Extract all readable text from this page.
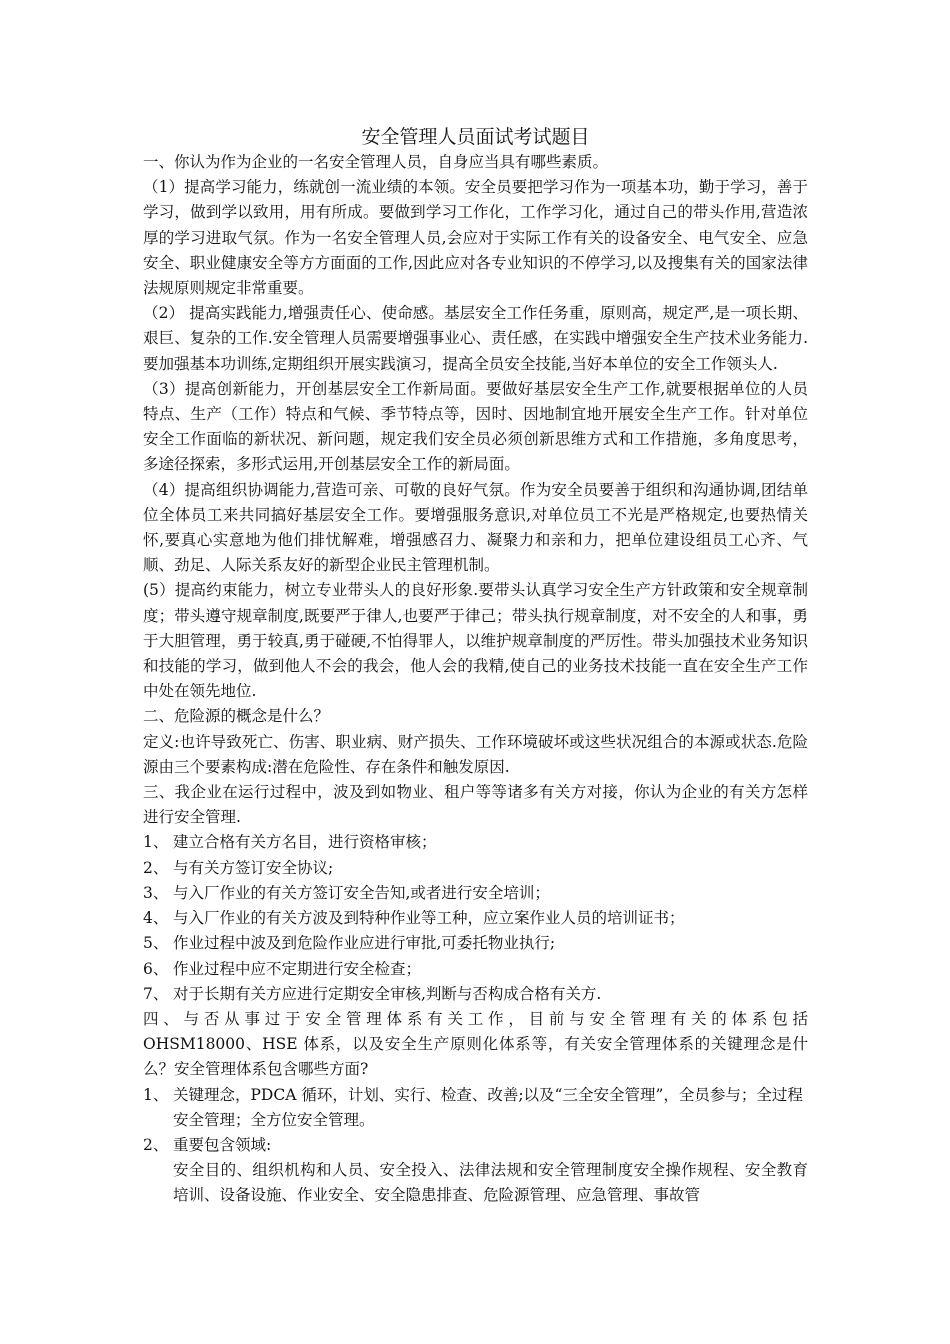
安全管理人员面试考试题目

一、你认为作为企业的一名安全管理人员，自身应当具有哪些素质。

（1）提高学习能力，练就创一流业绩的本领。安全员要把学习作为一项基本功，勤于学习，善于学习，做到学以致用，用有所成。要做到学习工作化，工作学习化，通过自己的带头作用,营造浓厚的学习进取气氛。作为一名安全管理人员,会应对于实际工作有关的设备安全、电气安全、应急安全、职业健康安全等方方面面的工作,因此应对各专业知识的不停学习,以及搜集有关的国家法律法规原则规定非常重要。

（2） 提高实践能力,增强责任心、使命感。基层安全工作任务重，原则高，规定严,是一项长期、艰巨、复杂的工作.安全管理人员需要增强事业心、责任感，在实践中增强安全生产技术业务能力.要加强基本功训练,定期组织开展实践演习，提高全员安全技能,当好本单位的安全工作领头人.

（3）提高创新能力，开创基层安全工作新局面。要做好基层安全生产工作,就要根据单位的人员特点、生产（工作）特点和气候、季节特点等，因时、因地制宜地开展安全生产工作。针对单位安全工作面临的新状况、新问题，规定我们安全员必须创新思维方式和工作措施，多角度思考，多途径探索，多形式运用,开创基层安全工作的新局面。

（4）提高组织协调能力,营造可亲、可敬的良好气氛。作为安全员要善于组织和沟通协调,团结单位全体员工来共同搞好基层安全工作。要增强服务意识,对单位员工不光是严格规定,也要热情关怀,要真心实意地为他们排忧解难，增强感召力、凝聚力和亲和力，把单位建设组员工心齐、气顺、劲足、人际关系友好的新型企业民主管理机制。

(5）提高约束能力，树立专业带头人的良好形象.要带头认真学习安全生产方针政策和安全规章制度；带头遵守规章制度,既要严于律人,也要严于律己；带头执行规章制度，对不安全的人和事，勇于大胆管理，勇于较真,勇于碰硬,不怕得罪人，以维护规章制度的严厉性。带头加强技术业务知识和技能的学习，做到他人不会的我会，他人会的我精,使自己的业务技术技能一直在安全生产工作中处在领先地位.

二、危险源的概念是什么？

定义:也许导致死亡、伤害、职业病、财产损失、工作环境破坏或这些状况组合的本源或状态.危险源由三个要素构成:潜在危险性、存在条件和触发原因.

三、我企业在运行过程中，波及到如物业、租户等等诸多有关方对接，你认为企业的有关方怎样进行安全管理.

1、 建立合格有关方名目，进行资格审核；
2、 与有关方签订安全协议;
3、 与入厂作业的有关方签订安全告知,或者进行安全培训；
4、 与入厂作业的有关方波及到特种作业等工种，应立案作业人员的培训证书；
5、 作业过程中波及到危险作业应进行审批,可委托物业执行;
6、 作业过程中应不定期进行安全检查；
7、 对于长期有关方应进行定期安全审核,判断与否构成合格有关方.

四、与否从事过于安全管理体系有关工作，目前与安全管理有关的体系包括

OHSM18000、HSE 体系，以及安全生产原则化体系等，有关安全管理体系的关键理念是什么？安全管理体系包含哪些方面?

1、 关键理念，PDCA 循环，计划、实行、检查、改善;以及“三全安全管理”，全员参与；全过程安全管理；全方位安全管理。
2、 重要包含领域:

安全目的、组织机构和人员、安全投入、法律法规和安全管理制度安全操作规程、安全教育培训、设备设施、作业安全、安全隐患排查、危险源管理、应急管理、事故管
